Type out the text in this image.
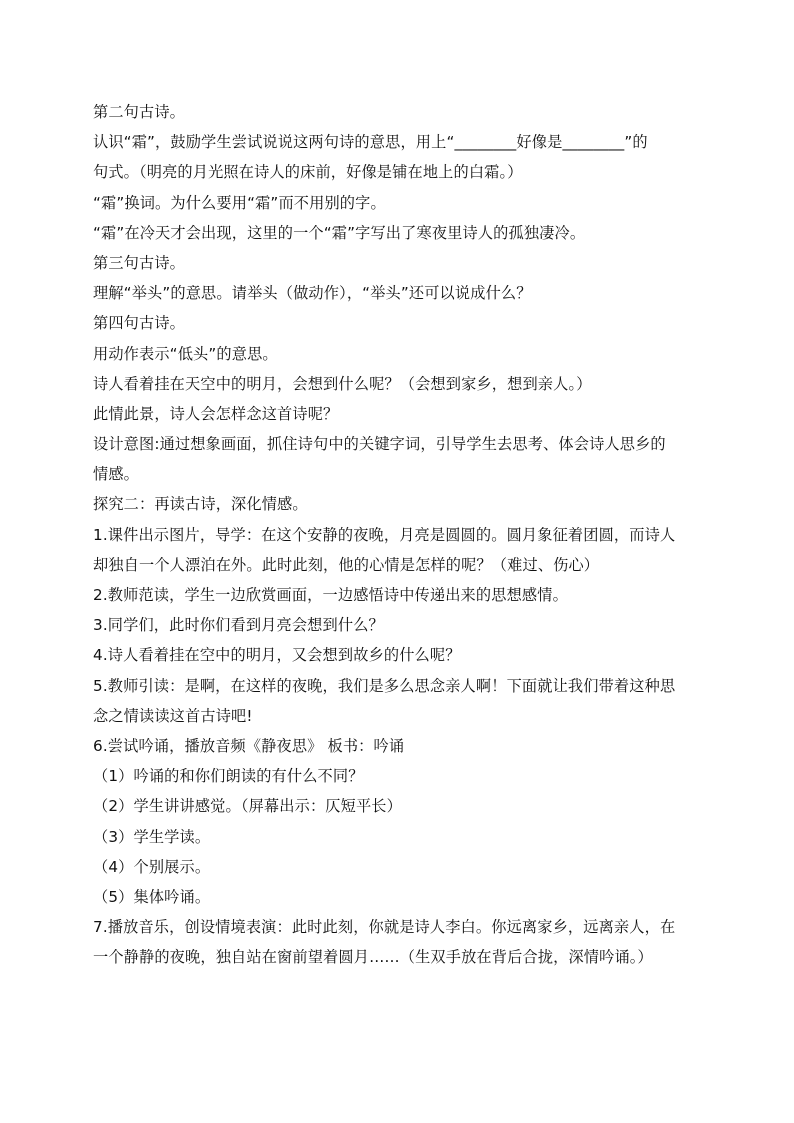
第二句古诗。
认识“霜”，鼓励学生尝试说说这两句诗的意思，用上“________好像是________”的
句式。（明亮的月光照在诗人的床前，好像是铺在地上的白霜。）
“霜”换词。为什么要用“霜”而不用别的字。
“霜”在冷天才会出现，这里的一个“霜”字写出了寒夜里诗人的孤独凄冷。
第三句古诗。
理解“举头”的意思。请举头（做动作），“举头”还可以说成什么？
第四句古诗。
用动作表示“低头”的意思。
诗人看着挂在天空中的明月，会想到什么呢？（会想到家乡，想到亲人。）
此情此景，诗人会怎样念这首诗呢？
设计意图:通过想象画面，抓住诗句中的关键字词，引导学生去思考、体会诗人思乡的
情感。
探究二：再读古诗，深化情感。
1.课件出示图片，导学：在这个安静的夜晚，月亮是圆圆的。圆月象征着团圆，而诗人
却独自一个人漂泊在外。此时此刻，他的心情是怎样的呢？（难过、伤心）
2.教师范读，学生一边欣赏画面，一边感悟诗中传递出来的思想感情。
3.同学们，此时你们看到月亮会想到什么？
4.诗人看着挂在空中的明月，又会想到故乡的什么呢？
5.教师引读：是啊，在这样的夜晚，我们是多么思念亲人啊！下面就让我们带着这种思
念之情读读这首古诗吧!
6.尝试吟诵，播放音频《静夜思》 板书：吟诵
（1）吟诵的和你们朗读的有什么不同？
（2）学生讲讲感觉。（屏幕出示：仄短平长）
（3）学生学读。
（4）个别展示。
（5）集体吟诵。
7.播放音乐，创设情境表演：此时此刻，你就是诗人李白。你远离家乡，远离亲人，在
一个静静的夜晚，独自站在窗前望着圆月……（生双手放在背后合拢，深情吟诵。）
